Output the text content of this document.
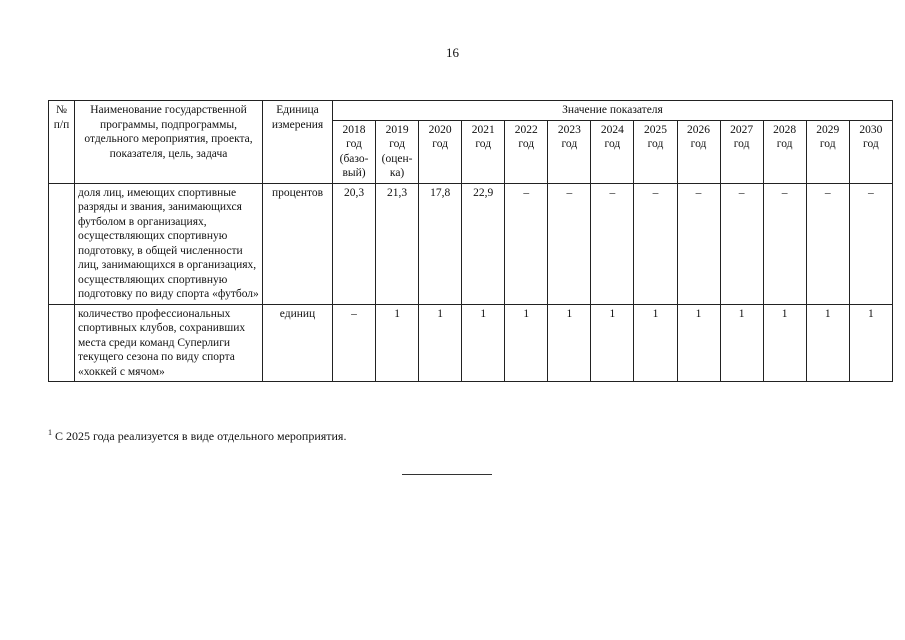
16
№ п/п	Наименование государственной программы, подпрограммы, отдельного мероприятия, проекта, показателя, цель, задача	Единица измерения	Значение показателя												
			2018 год (базо-вый)	2019 год (оцен-ка)	2020 год	2021 год	2022 год	2023 год	2024 год	2025 год	2026 год	2027 год	2028 год	2029 год	2030 год
	доля лиц, имеющих спортивные разряды и звания, занимающихся футболом в организациях, осуществляющих спортивную подготовку, в общей численности лиц, занимающихся в организациях, осуществляющих спортивную подготовку по виду спорта «футбол»	процентов	20,3	21,3	17,8	22,9	–	–	–	–	–	–	–	–	–
	количество профессиональных спортивных клубов, сохранивших места среди команд Суперлиги текущего сезона по виду спорта «хоккей с мячом»	единиц	–	1	1	1	1	1	1	1	1	1	1	1	1
$^1$ С 2025 года реализуется в виде отдельного мероприятия.
